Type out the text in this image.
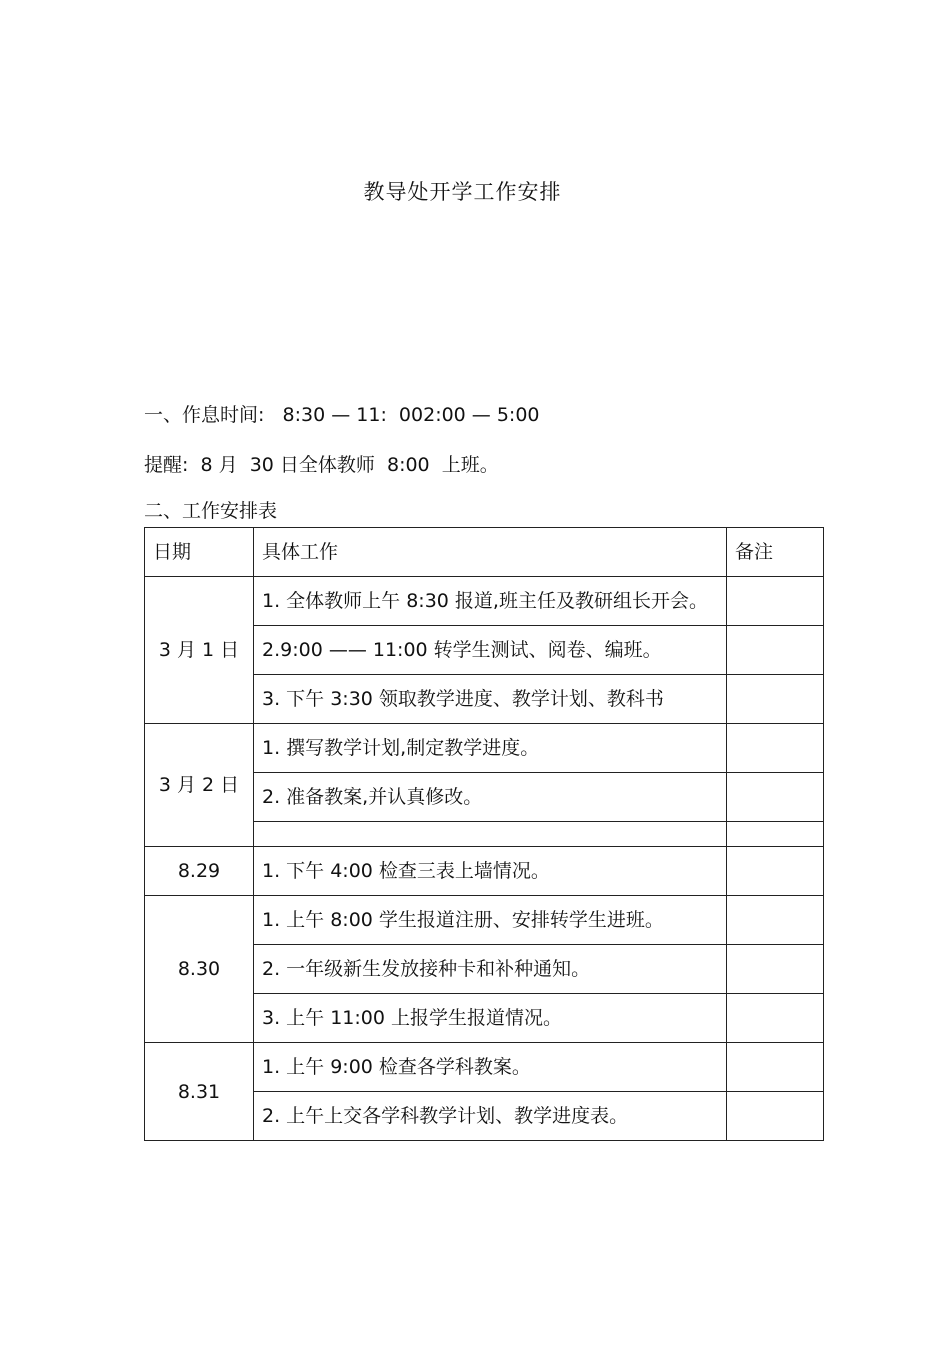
教导处开学工作安排
一、作息时间:   8:30 — 11:  002:00 — 5:00
提醒:  8 月  30 日全体教师  8:00  上班。
二、工作安排表
日期	具体工作	备注
3 月 1 日	1. 全体教师上午 8:30 报道,班主任及教研组长开会。	
	2.9:00 —— 11:00 转学生测试、阅卷、编班。	
	3. 下午 3:30 领取教学进度、教学计划、教科书	
3 月 2 日	1. 撰写教学计划,制定教学进度。	
	2. 准备教案,并认真修改。	

8.29	1. 下午 4:00 检查三表上墙情况。	
8.30	1. 上午 8:00 学生报道注册、安排转学生进班。	
	2. 一年级新生发放接种卡和补种通知。	
	3. 上午 11:00 上报学生报道情况。	
8.31	1. 上午 9:00 检查各学科教案。	
	2. 上午上交各学科教学计划、教学进度表。	
